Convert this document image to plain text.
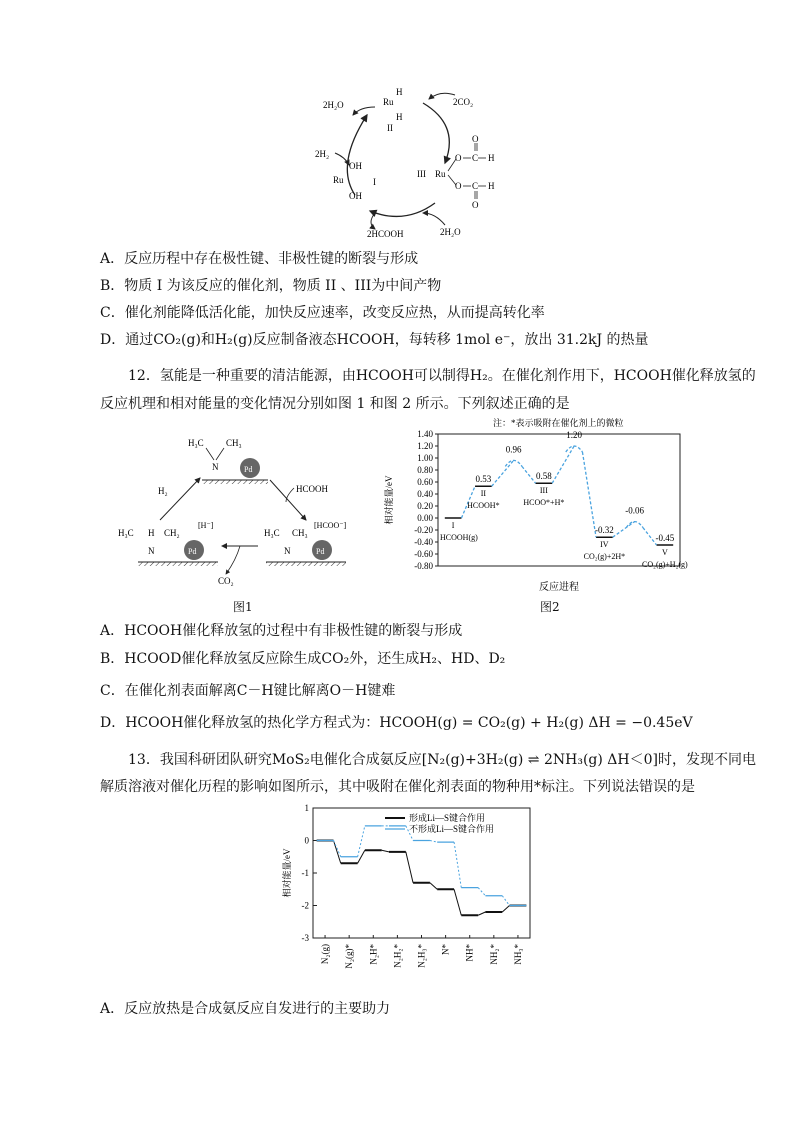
2H₂O	Ru
H
H
II
2CO₂
2H₂
OH
Ru
OH
I
III Ru
O C H
O
O C H
O
2HCOOH	2H₂O
A．反应历程中存在极性键、非极性键的断裂与形成
B．物质 I 为该反应的催化剂，物质 II 、III为中间产物
C．催化剂能降低活化能，加快反应速率，改变反应热，从而提高转化率
D．通过CO₂(g)和H₂(g)反应制备液态HCOOH，每转移 1mol e⁻，放出 31.2kJ 的热量
12．氢能是一种重要的清洁能源，由HCOOH可以制得H₂。在催化剂作用下，HCOOH催化释放氢的
反应机理和相对能量的变化情况分别如图 1 和图 2 所示。下列叙述正确的是
H₃C CH₃
N	Pd
H₂	HCOOH
H₃C H CH₂
N
[H⁻]
Pd
H₃C CH₃
N
[HCOO⁻]
Pd
CO₂
图1
注：*表示吸附在催化剂上的微粒
1.40
1.20
1.00
0.80
0.60
0.40
0.20
0.00
-0.20
-0.40
-0.60
-0.80
相对能量/eV
反应进程
I
HCOOH(g)
0.53
II
HCOOH*
0.96
0.58
III
HCOO*+H*
1.20
-0.32
IV
CO₂(g)+2H*
-0.06
-0.45
V
CO₂(g)+H₂(g)
图2
A．HCOOH催化释放氢的过程中有非极性键的断裂与形成
B．HCOOD催化释放氢反应除生成CO₂外，还生成H₂、HD、D₂
C．在催化剂表面解离C－H键比解离O－H键难
D．HCOOH催化释放氢的热化学方程式为：HCOOH(g) = CO₂(g) + H₂(g) ΔH = −0.45eV
13．我国科研团队研究MoS₂电催化合成氨反应[N₂(g)+3H₂(g) ⇌ 2NH₃(g) ΔH＜0]时，发现不同电
解质溶液对催化历程的影响如图所示，其中吸附在催化剂表面的物种用*标注。下列说法错误的是
1
0
-1
-2
-3
相对能量/eV
N₂(g) N₂(g)* N₂H* N₂H₂* N₂H₃* N* NH* NH₂* NH₃*
形成Li—S键合作用
不形成Li—S键合作用
A．反应放热是合成氨反应自发进行的主要助力
